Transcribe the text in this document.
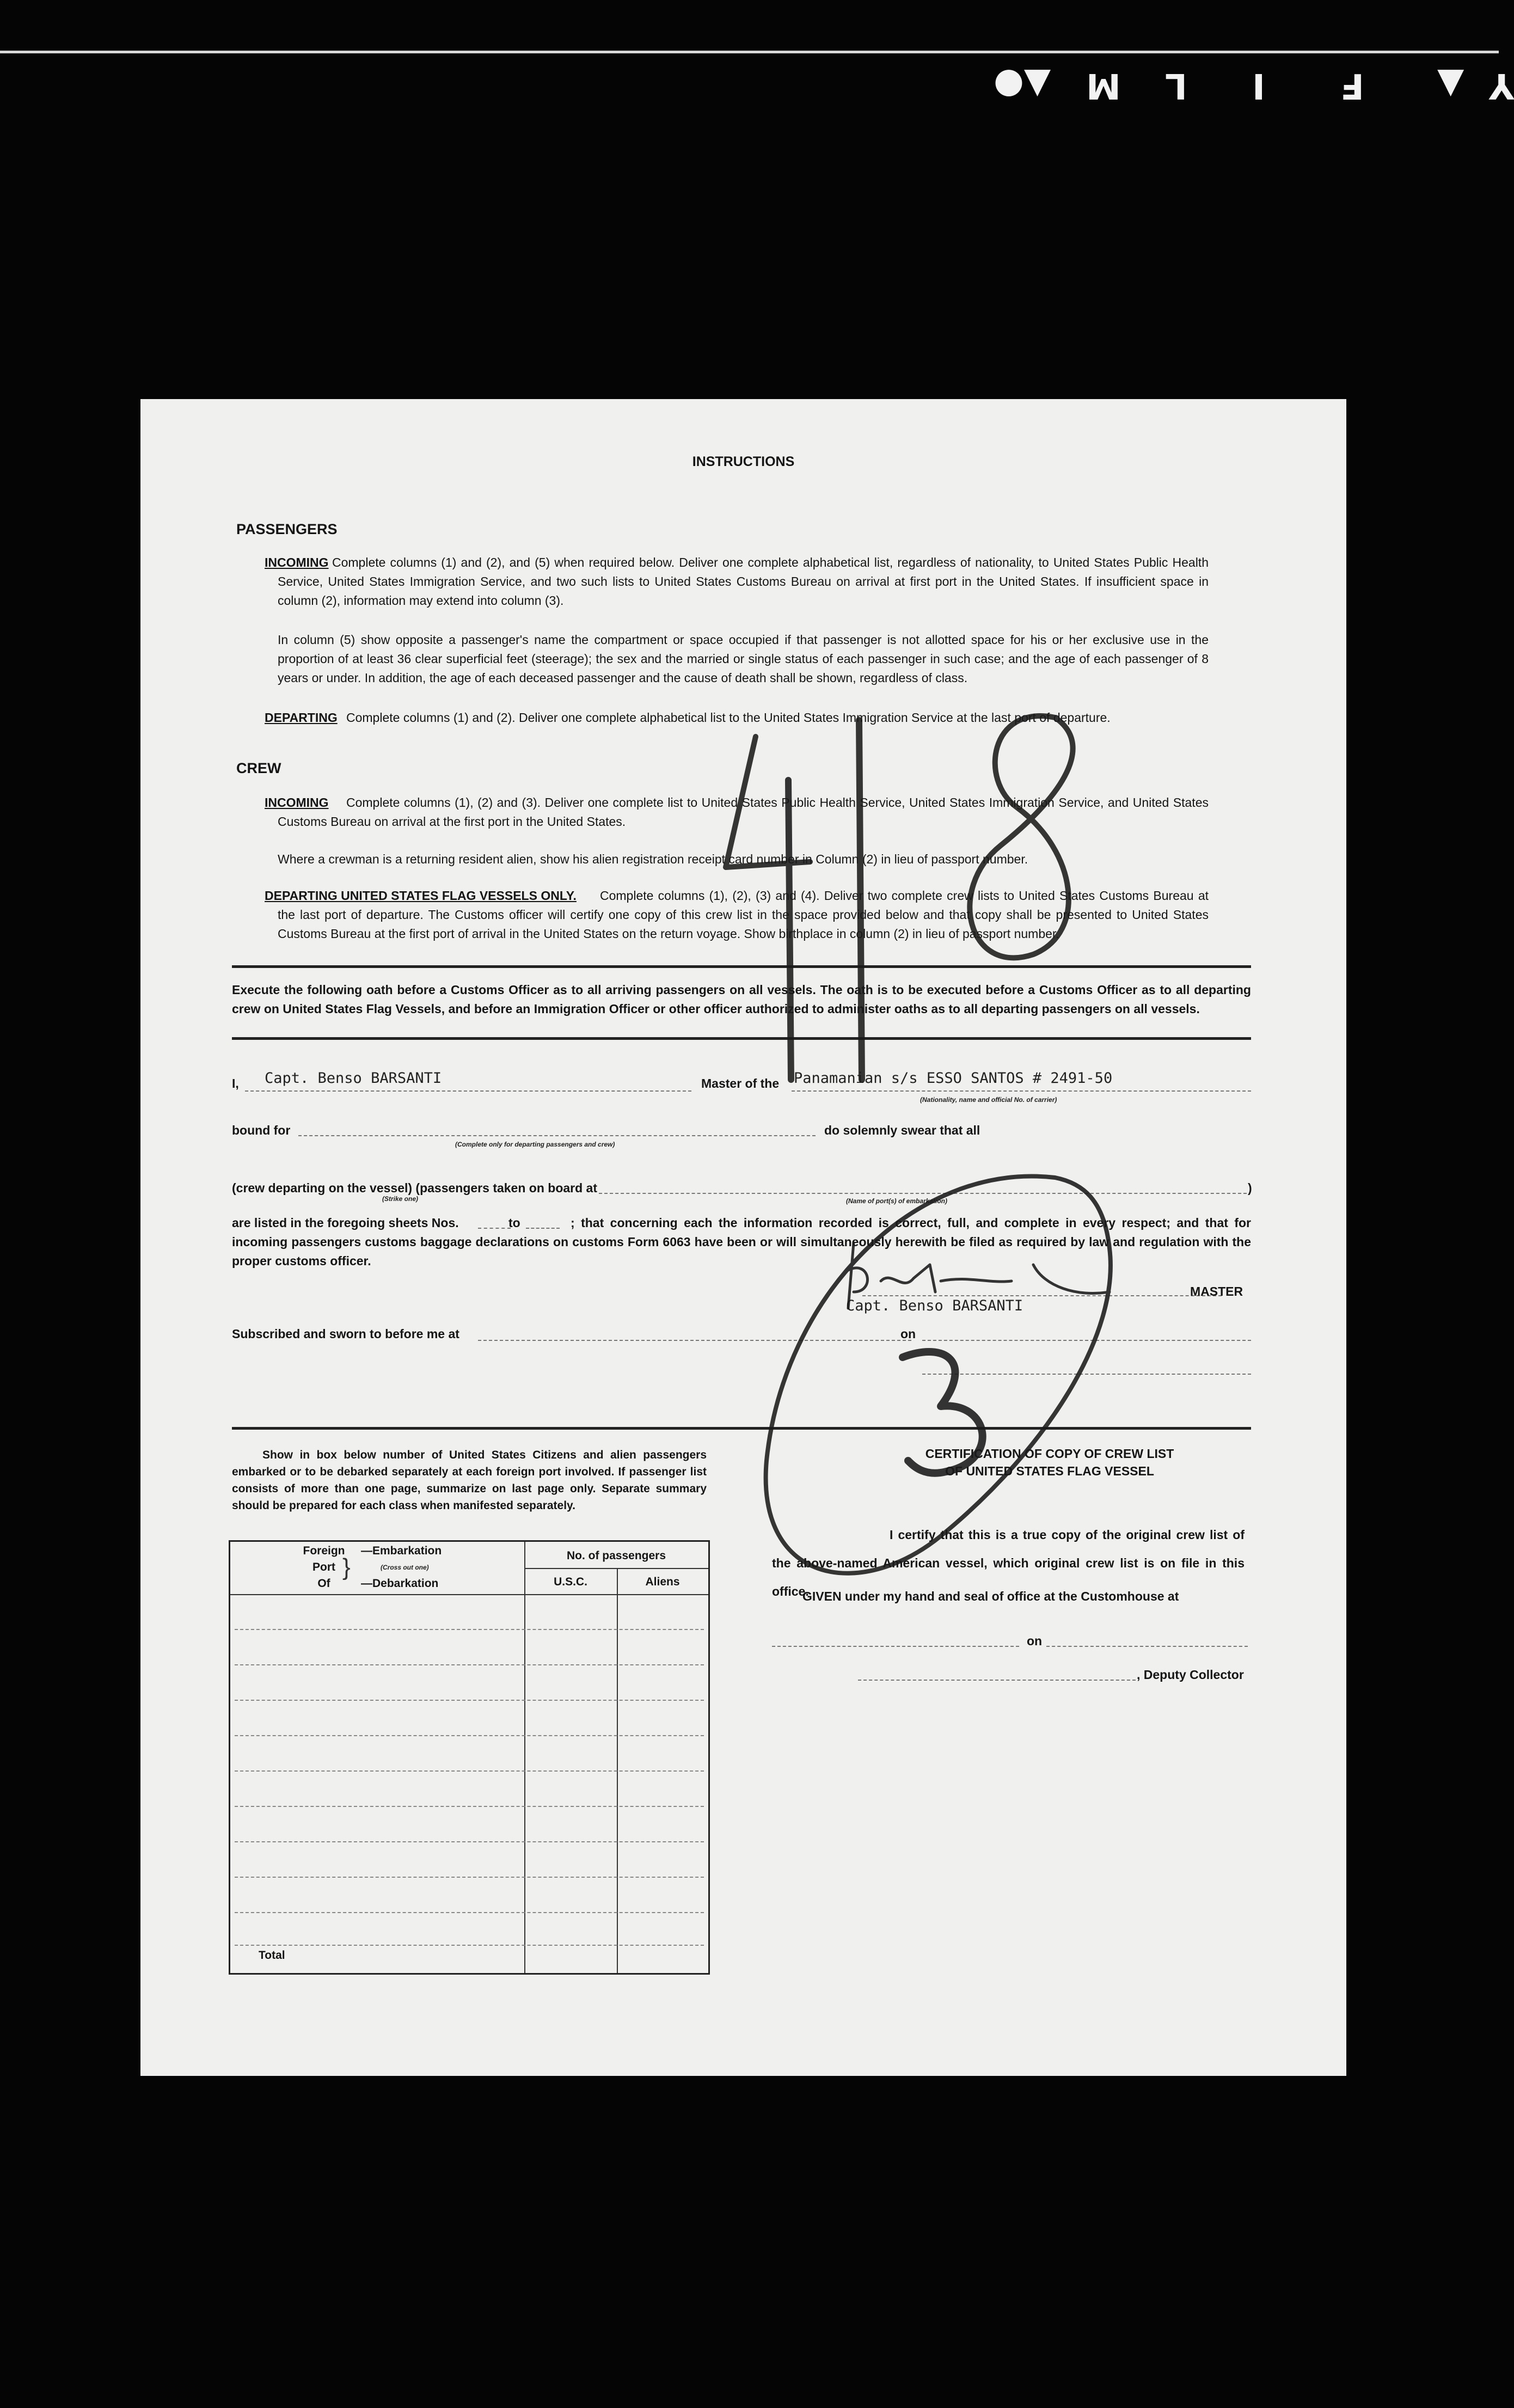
Y
▲
F
I
L
M
▲●
INSTRUCTIONS
PASSENGERS
INCOMING Complete columns (1) and (2), and (5) when required below. Deliver one complete alphabetical list, regardless of nationality, to United States Public Health Service, United States Immigration Service, and two such lists to United States Customs Bureau on arrival at first port in the United States. If insufficient space in column (2), information may extend into column (3).
In column (5) show opposite a passenger's name the compartment or space occupied if that passenger is not allotted space for his or her exclusive use in the proportion of at least 36 clear superficial feet (steerage); the sex and the married or single status of each passenger in such case; and the age of each passenger of 8 years or under. In addition, the age of each deceased passenger and the cause of death shall be shown, regardless of class.
DEPARTING Complete columns (1) and (2). Deliver one complete alphabetical list to the United States Immigration Service at the last port of departure.
CREW
INCOMING	Complete columns (1), (2) and (3). Deliver one complete list to United States Public Health Service, United States Immigration Service, and United States Customs Bureau on arrival at the first port in the United States.
Where a crewman is a returning resident alien, show his alien registration receipt card number in Column (2) in lieu of passport number.
DEPARTING UNITED STATES FLAG VESSELS ONLY.	Complete columns (1), (2), (3) and (4). Deliver two complete crew lists to United States Customs Bureau at the last port of departure. The Customs officer will certify one copy of this crew list in the space provided below and that copy shall be presented to United States Customs Bureau at the first port of arrival in the United States on the return voyage. Show birthplace in column (2) in lieu of passport number.
Execute the following oath before a Customs Officer as to all arriving passengers on all vessels. The oath is to be executed before a Customs Officer as to all departing crew on United States Flag Vessels, and before an Immigration Officer or other officer authorized to administer oaths as to all departing passengers on all vessels.
I, Capt. Benso BARSANTI	Master of the Panamanian s/s ESSO SANTOS # 2491-50
(Nationality, name and official No. of carrier)
bound for
(Complete only for departing passengers and crew)
do solemnly swear that all
(crew departing on the vessel) (passengers taken on board at
(Strike one)	(Name of port(s) of embarkation)
)
are listed in the foregoing sheets Nos.	to	; that concerning each the information recorded is correct, full, and complete in every respect; and that for incoming passengers customs baggage declarations on customs Form 6063 have been or will simultaneously herewith be filed as required by law and regulation with the proper customs officer.
MASTER
Capt. Benso BARSANTI
Subscribed and sworn to before me at	on
Show in box below number of United States Citizens and alien passengers embarked or to be debarked separately at each foreign port involved. If passenger list consists of more than one page, summarize on last page only. Separate summary should be prepared for each class when manifested separately.
Foreign
Port
Of
}
—Embarkation
(Cross out one)
—Debarkation
No. of passengers
U.S.C.	Aliens
Total
CERTIFICATION OF COPY OF CREW LIST
OF UNITED STATES FLAG VESSEL
I certify that this is a true copy of the original crew list of the above-named American vessel, which original crew list is on file in this office.
GIVEN under my hand and seal of office at the Customhouse at
on
, Deputy Collector
